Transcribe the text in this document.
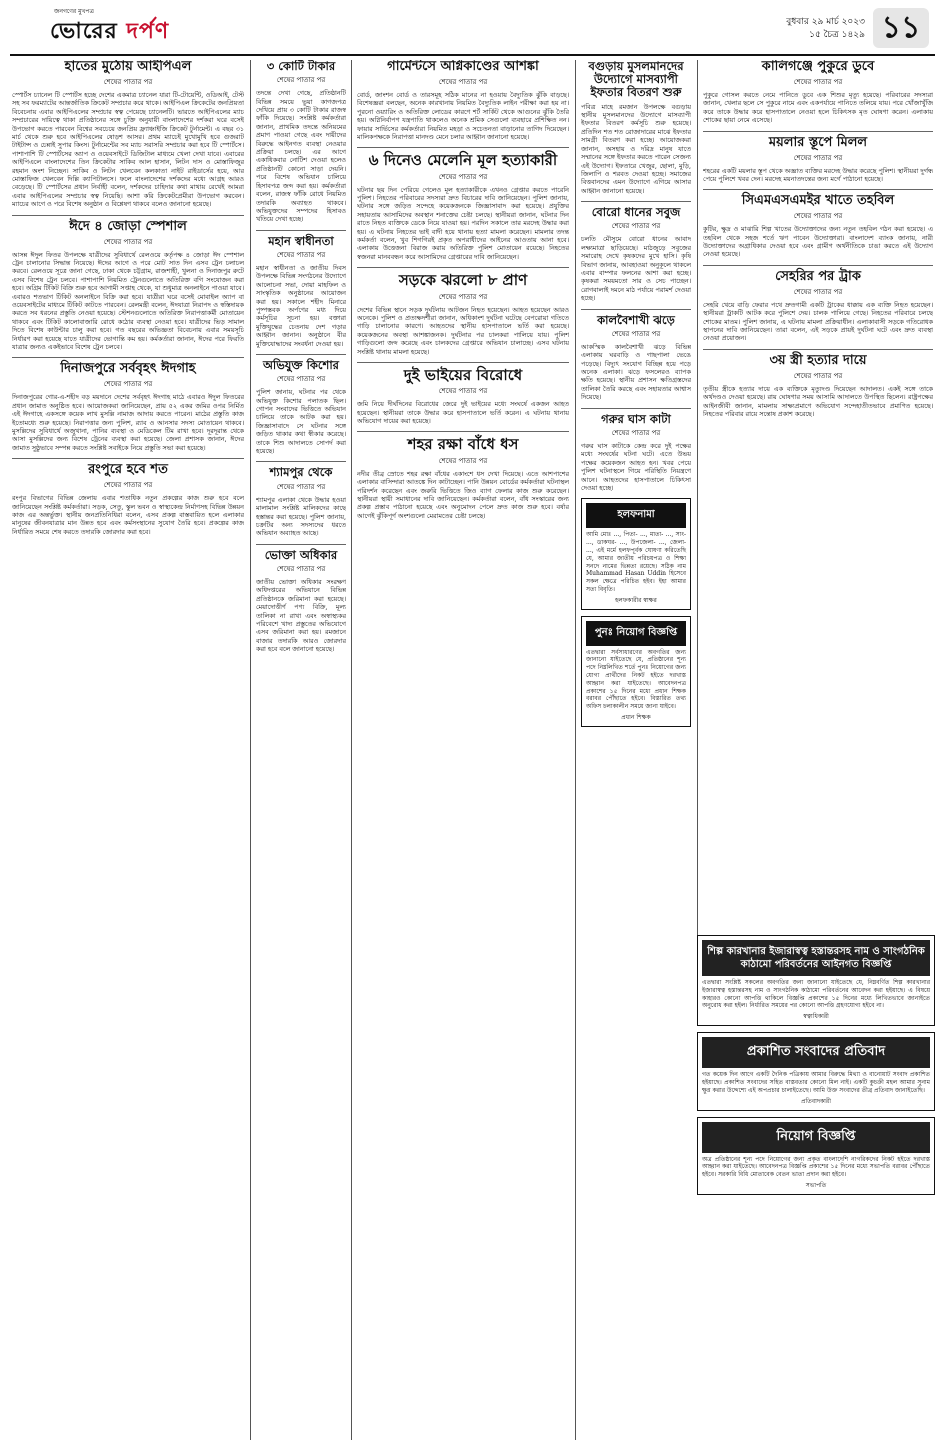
জনগণের মুখপত্র
ভোরের দর্পণ	বুধবার ২৯ মার্চ ২০২৩
১৫ চৈত্র ১৪২৯ ১১
হাতের মুঠোয় আইপিএল
শেষের পাতার পর
স্পোর্টস চ্যানেল টি স্পোর্টস হচ্ছে দেশের একমাত্র চ্যানেল যারা টি-টোয়েন্টি, ওডিআই, টেস্ট সহ সব ফরম্যাটের আন্তর্জাতিক ক্রিকেট সম্প্রচার করে থাকে। আইপিএল ক্রিকেটের জনপ্রিয়তা বিবেচনায় এবার আইপিএলের সম্প্রচার স্বত্ব পেয়েছে চ্যানেলটি। ভারতে আইপিএলের ম্যাচ সম্প্রচারের দায়িত্বে থাকা প্রতিষ্ঠানের সঙ্গে চুক্তি অনুযায়ী বাংলাদেশের দর্শকরা ঘরে বসেই উপভোগ করতে পারবেন বিশ্বের সবচেয়ে জনপ্রিয় ফ্র্যাঞ্চাইজি ক্রিকেট টুর্নামেন্ট। এ বছর ৩১ মার্চ থেকে শুরু হবে আইপিএলের ষোড়শ আসর। প্রথম ম্যাচেই মুখোমুখি হবে গুজরাট টাইটান্স ও চেন্নাই সুপার কিংস। টুর্নামেন্টের সব ম্যাচ সরাসরি সম্প্রচার করা হবে টি স্পোর্টসে। পাশাপাশি টি স্পোর্টসের অ্যাপ ও ওয়েবসাইটে ডিজিটাল মাধ্যমে খেলা দেখা যাবে। এবারের আইপিএলে বাংলাদেশের তিন ক্রিকেটার সাকিব আল হাসান, লিটন দাস ও মোস্তাফিজুর রহমান অংশ নিচ্ছেন। সাকিব ও লিটন খেলবেন কলকাতা নাইট রাইডার্সের হয়ে, আর মোস্তাফিজ খেলবেন দিল্লি ক্যাপিটালসে। ফলে বাংলাদেশের দর্শকদের মধ্যে আগ্রহ আরও বেড়েছে। টি স্পোর্টসের প্রধান নির্বাহী বলেন, দর্শকদের চাহিদার কথা মাথায় রেখেই আমরা এবার আইপিএলের সম্প্রচার স্বত্ব নিয়েছি। আশা করি ক্রিকেটপ্রেমীরা উপভোগ করবেন। ম্যাচের আগে ও পরে বিশেষ অনুষ্ঠান ও বিশ্লেষণ থাকবে বলেও জানানো হয়েছে।
ঈদে ৪ জোড়া স্পেশাল
শেষের পাতার পর
আসন্ন ঈদুল ফিতর উপলক্ষে যাত্রীদের সুবিধার্থে রেলওয়ে কর্তৃপক্ষ ৪ জোড়া ঈদ স্পেশাল ট্রেন চালানোর সিদ্ধান্ত নিয়েছে। ঈদের আগে ও পরে মোট সাত দিন এসব ট্রেন চলাচল করবে। রেলওয়ে সূত্রে জানা গেছে, ঢাকা থেকে চট্টগ্রাম, রাজশাহী, খুলনা ও দিনাজপুর রুটে এসব বিশেষ ট্রেন চলবে। পাশাপাশি নিয়মিত ট্রেনগুলোতে অতিরিক্ত বগি সংযোজন করা হবে। অগ্রিম টিকিট বিক্রি শুরু হবে আগামী সপ্তাহ থেকে, যা শুধুমাত্র অনলাইনে পাওয়া যাবে। এবারও শতভাগ টিকিট অনলাইনে বিক্রি করা হবে। যাত্রীরা ঘরে বসেই মোবাইল অ্যাপ বা ওয়েবসাইটের মাধ্যমে টিকিট কাটতে পারবেন। রেলমন্ত্রী বলেন, ঈদযাত্রা নিরাপদ ও স্বস্তিদায়ক করতে সব ধরনের প্রস্তুতি নেওয়া হয়েছে। স্টেশনগুলোতে অতিরিক্ত নিরাপত্তাকর্মী মোতায়েন থাকবে এবং টিকিট কালোবাজারি রোধে কঠোর ব্যবস্থা নেওয়া হবে। যাত্রীদের ভিড় সামাল দিতে বিশেষ কাউন্টার চালু করা হবে। গত বছরের অভিজ্ঞতা বিবেচনায় এবার সময়সূচি নির্ধারণ করা হয়েছে যাতে যাত্রীদের ভোগান্তি কম হয়। কর্মকর্তারা জানান, ঈদের পরে ফিরতি যাত্রার জন্যও একইভাবে বিশেষ ট্রেন চলবে।
দিনাজপুরে সর্ববৃহৎ ঈদগাহ
শেষের পাতার পর
দিনাজপুরের গোর-এ-শহীদ বড় ময়দানে দেশের সর্ববৃহৎ ঈদগাহ মাঠে এবারও ঈদুল ফিতরের প্রধান জামাত অনুষ্ঠিত হবে। আয়োজকরা জানিয়েছেন, প্রায় ৫২ একর জমির ওপর নির্মিত এই ঈদগাহে একসঙ্গে কয়েক লাখ মুসল্লি নামাজ আদায় করতে পারেন। মাঠের প্রস্তুতি কাজ ইতোমধ্যে শুরু হয়েছে। নিরাপত্তার জন্য পুলিশ, র‌্যাব ও আনসার সদস্য মোতায়েন থাকবে। মুসল্লিদের সুবিধার্থে অজুখানা, পানির ব্যবস্থা ও মেডিকেল টিম রাখা হবে। দূরদূরান্ত থেকে আসা মুসল্লিদের জন্য বিশেষ ট্রেনের ব্যবস্থা করা হয়েছে। জেলা প্রশাসক জানান, ঈদের জামাত সুষ্ঠুভাবে সম্পন্ন করতে সংশ্লিষ্ট সবাইকে নিয়ে প্রস্তুতি সভা করা হয়েছে।
রংপুরে হবে শত
শেষের পাতার পর
রংপুর বিভাগের বিভিন্ন জেলায় এবার শতাধিক নতুন প্রকল্পের কাজ শুরু হবে বলে জানিয়েছেন সংশ্লিষ্ট কর্মকর্তারা। সড়ক, সেতু, স্কুল ভবন ও স্বাস্থ্যকেন্দ্র নির্মাণসহ বিভিন্ন উন্নয়ন কাজ এর অন্তর্ভুক্ত। স্থানীয় জনপ্রতিনিধিরা বলেন, এসব প্রকল্প বাস্তবায়িত হলে এলাকার মানুষের জীবনযাত্রার মান উন্নত হবে এবং কর্মসংস্থানের সুযোগ তৈরি হবে। প্রকল্পের কাজ নির্ধারিত সময়ে শেষ করতে তদারকি জোরদার করা হবে।
৩ কোটি টাকার
শেষের পাতার পর
তদন্তে দেখা গেছে, প্রতিষ্ঠানটি বিভিন্ন সময়ে ভুয়া কাগজপত্র দেখিয়ে প্রায় ৩ কোটি টাকার রাজস্ব ফাঁকি দিয়েছে। সংশ্লিষ্ট কর্মকর্তারা জানান, প্রাথমিক তদন্তে অনিয়মের প্রমাণ পাওয়া গেছে এবং দায়ীদের বিরুদ্ধে আইনগত ব্যবস্থা নেওয়ার প্রক্রিয়া চলছে। এর আগে একাধিকবার নোটিশ দেওয়া হলেও প্রতিষ্ঠানটি কোনো সাড়া দেয়নি। পরে বিশেষ অভিযান চালিয়ে হিসাবপত্র জব্দ করা হয়। কর্মকর্তারা বলেন, রাজস্ব ফাঁকি রোধে নিয়মিত তদারকি অব্যাহত থাকবে। অভিযুক্তদের সম্পদের হিসাবও খতিয়ে দেখা হচ্ছে।
মহান স্বাধীনতা
শেষের পাতার পর
মহান স্বাধীনতা ও জাতীয় দিবস উপলক্ষে বিভিন্ন সংগঠনের উদ্যোগে আলোচনা সভা, দোয়া মাহফিল ও সাংস্কৃতিক অনুষ্ঠানের আয়োজন করা হয়। সকালে শহীদ মিনারে পুষ্পস্তবক অর্পণের মধ্য দিয়ে কর্মসূচির সূচনা হয়। বক্তারা মুক্তিযুদ্ধের চেতনায় দেশ গড়ার আহ্বান জানান। অনুষ্ঠানে বীর মুক্তিযোদ্ধাদের সংবর্ধনা দেওয়া হয়।
অভিযুক্ত কিশোর
শেষের পাতার পর
পুলিশ জানায়, ঘটনার পর থেকে অভিযুক্ত কিশোর পলাতক ছিল। গোপন সংবাদের ভিত্তিতে অভিযান চালিয়ে তাকে আটক করা হয়। জিজ্ঞাসাবাদে সে ঘটনার সঙ্গে জড়িত থাকার কথা স্বীকার করেছে। তাকে শিশু আদালতে সোপর্দ করা হয়েছে।
শ্যামপুর থেকে
শেষের পাতার পর
শ্যামপুর এলাকা থেকে উদ্ধার হওয়া মালামাল সংশ্লিষ্ট মালিকদের কাছে হস্তান্তর করা হয়েছে। পুলিশ জানায়, চক্রটির অন্য সদস্যদের ধরতে অভিযান অব্যাহত আছে।
ভোক্তা অধিকার
শেষের পাতার পর
জাতীয় ভোক্তা অধিকার সংরক্ষণ অধিদপ্তরের অভিযানে বিভিন্ন প্রতিষ্ঠানকে জরিমানা করা হয়েছে। মেয়াদোত্তীর্ণ পণ্য বিক্রি, মূল্য তালিকা না রাখা এবং অস্বাস্থ্যকর পরিবেশে খাদ্য প্রস্তুতের অভিযোগে এসব জরিমানা করা হয়। রমজানে বাজার তদারকি আরও জোরদার করা হবে বলে জানানো হয়েছে।
গার্মেন্টসে অগ্নিকাণ্ডের আশঙ্কা
শেষের পাতার পর
বোর্ড, জাংশন বোর্ড ও তারসমূহ সঠিক মানের না হওয়ায় বৈদ্যুতিক ঝুঁকি বাড়ছে। বিশেষজ্ঞরা বলছেন, অনেক কারখানায় নিয়মিত বৈদ্যুতিক লাইন পরীক্ষা করা হয় না। পুরনো ওয়্যারিং ও অতিরিক্ত লোডের কারণে শর্ট সার্কিট থেকে আগুনের ঝুঁকি তৈরি হয়। অগ্নিনির্বাপণ যন্ত্রপাতি থাকলেও অনেক শ্রমিক সেগুলো ব্যবহারে প্রশিক্ষিত নন। ফায়ার সার্ভিসের কর্মকর্তারা নিয়মিত মহড়া ও সচেতনতা বাড়ানোর তাগিদ দিয়েছেন। মালিকপক্ষকে নিরাপত্তা মানদণ্ড মেনে চলার আহ্বান জানানো হয়েছে।
৬ দিনেও মেলেনি মূল হত্যাকারী
শেষের পাতার পর
ঘটনার ছয় দিন পেরিয়ে গেলেও মূল হত্যাকারীকে এখনও গ্রেপ্তার করতে পারেনি পুলিশ। নিহতের পরিবারের সদস্যরা দ্রুত বিচারের দাবি জানিয়েছেন। পুলিশ জানায়, ঘটনার সঙ্গে জড়িত সন্দেহে কয়েকজনকে জিজ্ঞাসাবাদ করা হয়েছে। প্রযুক্তির সহায়তায় আসামিদের অবস্থান শনাক্তের চেষ্টা চলছে। স্থানীয়রা জানান, ঘটনার দিন রাতে নিহত ব্যক্তিকে ডেকে নিয়ে যাওয়া হয়। পরদিন সকালে তার মরদেহ উদ্ধার করা হয়। এ ঘটনায় নিহতের ভাই বাদী হয়ে থানায় হত্যা মামলা করেছেন। মামলার তদন্ত কর্মকর্তা বলেন, খুব শিগগিরই প্রকৃত অপরাধীদের আইনের আওতায় আনা হবে। এলাকায় উত্তেজনা বিরাজ করায় অতিরিক্ত পুলিশ মোতায়েন রয়েছে। নিহতের স্বজনরা মানববন্ধন করে আসামিদের গ্রেপ্তারের দাবি জানিয়েছেন।
সড়কে ঝরলো ৮ প্রাণ
শেষের পাতার পর
দেশের বিভিন্ন স্থানে সড়ক দুর্ঘটনায় আটজন নিহত হয়েছেন। আহত হয়েছেন আরও অনেকে। পুলিশ ও প্রত্যক্ষদর্শীরা জানান, অধিকাংশ দুর্ঘটনা ঘটেছে বেপরোয়া গতিতে গাড়ি চালানোর কারণে। আহতদের স্থানীয় হাসপাতালে ভর্তি করা হয়েছে। কয়েকজনের অবস্থা আশঙ্কাজনক। দুর্ঘটনার পর চালকরা পালিয়ে যায়। পুলিশ গাড়িগুলো জব্দ করেছে এবং চালকদের গ্রেপ্তারে অভিযান চালাচ্ছে। এসব ঘটনায় সংশ্লিষ্ট থানায় মামলা হয়েছে।
দুই ভাইয়ের বিরোধে
শেষের পাতার পর
জমি নিয়ে দীর্ঘদিনের বিরোধের জেরে দুই ভাইয়ের মধ্যে সংঘর্ষে একজন আহত হয়েছেন। স্থানীয়রা তাকে উদ্ধার করে হাসপাতালে ভর্তি করেন। এ ঘটনায় থানায় অভিযোগ দায়ের করা হয়েছে।
শহর রক্ষা বাঁধে ধস
শেষের পাতার পর
নদীর তীব্র স্রোতে শহর রক্ষা বাঁধের একাংশে ধস দেখা দিয়েছে। এতে আশপাশের এলাকার বাসিন্দারা আতঙ্কে দিন কাটাচ্ছেন। পানি উন্নয়ন বোর্ডের কর্মকর্তারা ঘটনাস্থল পরিদর্শন করেছেন এবং জরুরি ভিত্তিতে জিও ব্যাগ ফেলার কাজ শুরু করেছেন। স্থানীয়রা স্থায়ী সমাধানের দাবি জানিয়েছেন। কর্মকর্তারা বলেন, বাঁধ সংস্কারের জন্য প্রকল্প প্রস্তাব পাঠানো হয়েছে এবং অনুমোদন পেলে দ্রুত কাজ শুরু হবে। বর্ষার আগেই ঝুঁকিপূর্ণ অংশগুলো মেরামতের চেষ্টা চলছে।
বগুড়ায় মুসলমানদের উদ্যোগে মাসব্যাপী ইফতার বিতরণ শুরু
পবিত্র মাহে রমজান উপলক্ষে বগুড়ায় স্থানীয় মুসলমানদের উদ্যোগে মাসব্যাপী ইফতার বিতরণ কর্মসূচি শুরু হয়েছে। প্রতিদিন শত শত রোজাদারের মাঝে ইফতার সামগ্রী বিতরণ করা হচ্ছে। আয়োজকরা জানান, অসহায় ও দরিদ্র মানুষ যাতে সম্মানের সঙ্গে ইফতার করতে পারেন সেজন্য এই উদ্যোগ। ইফতারে খেজুর, ছোলা, মুড়ি, জিলাপি ও শরবত দেওয়া হচ্ছে। সমাজের বিত্তবানদের এমন উদ্যোগে এগিয়ে আসার আহ্বান জানানো হয়েছে।
বোরো ধানের সবুজ
শেষের পাতার পর
চলতি মৌসুমে বোরো ধানের আবাদ লক্ষ্যমাত্রা ছাড়িয়েছে। মাঠজুড়ে সবুজের সমারোহ দেখে কৃষকদের মুখে হাসি। কৃষি বিভাগ জানায়, আবহাওয়া অনুকূলে থাকলে এবার বাম্পার ফলনের আশা করা হচ্ছে। কৃষকরা সময়মতো সার ও সেচ পাচ্ছেন। রোগবালাই দমনে মাঠ পর্যায়ে পরামর্শ দেওয়া হচ্ছে।
কালবৈশাখী ঝড়ে
শেষের পাতার পর
আকস্মিক কালবৈশাখী ঝড়ে বিভিন্ন এলাকায় ঘরবাড়ি ও গাছপালা ভেঙে পড়েছে। বিদ্যুৎ সংযোগ বিচ্ছিন্ন হয়ে পড়ে অনেক এলাকা। ঝড়ে ফসলেরও ব্যাপক ক্ষতি হয়েছে। স্থানীয় প্রশাসন ক্ষতিগ্রস্তদের তালিকা তৈরি করছে এবং সহায়তার আশ্বাস দিয়েছে।
গরুর ঘাস কাটা
শেষের পাতার পর
গরুর ঘাস কাটাকে কেন্দ্র করে দুই পক্ষের মধ্যে সংঘর্ষের ঘটনা ঘটে। এতে উভয় পক্ষের কয়েকজন আহত হন। খবর পেয়ে পুলিশ ঘটনাস্থলে গিয়ে পরিস্থিতি নিয়ন্ত্রণে আনে। আহতদের হাসপাতালে চিকিৎসা দেওয়া হচ্ছে।
হলফনামা
আমি মোঃ ..., পিতা- ..., মাতা- ..., সাং- ..., ডাকঘর- ..., উপজেলা- ..., জেলা- ..., এই মর্মে হলফপূর্বক ঘোষণা করিতেছি যে, আমার জাতীয় পরিচয়পত্র ও শিক্ষা সনদে নামের ভিন্নতা রয়েছে। সঠিক নাম Muhammad Hasan Uddin হিসেবে সকল ক্ষেত্রে পরিচিত হইব। ইহা আমার সত্য বিবৃতি।
হলফকারীর স্বাক্ষর
পুনঃ নিয়োগ বিজ্ঞপ্তি
এতদ্বারা সর্বসাধারণের অবগতির জন্য জানানো যাইতেছে যে, প্রতিষ্ঠানের শূন্য পদে নিম্নলিখিত শর্তে পুনঃ নিয়োগের জন্য যোগ্য প্রার্থীদের নিকট হইতে দরখাস্ত আহ্বান করা যাইতেছে। আবেদনপত্র প্রকাশের ১৫ দিনের মধ্যে প্রধান শিক্ষক বরাবর পৌঁছাতে হইবে। বিস্তারিত তথ্য অফিস চলাকালীন সময়ে জানা যাইবে।
প্রধান শিক্ষক
কালিগঞ্জে পুকুরে ডুবে
শেষের পাতার পর
পুকুরে গোসল করতে নেমে পানিতে ডুবে এক শিশুর মৃত্যু হয়েছে। পরিবারের সদস্যরা জানান, খেলার ছলে সে পুকুরে নামে এবং একপর্যায়ে পানিতে তলিয়ে যায়। পরে খোঁজাখুঁজি করে তাকে উদ্ধার করে হাসপাতালে নেওয়া হলে চিকিৎসক মৃত ঘোষণা করেন। এলাকায় শোকের ছায়া নেমে এসেছে।
ময়লার স্তূপে মিলল
শেষের পাতার পর
শহরের একটি ময়লার স্তূপ থেকে অজ্ঞাত ব্যক্তির মরদেহ উদ্ধার করেছে পুলিশ। স্থানীয়রা দুর্গন্ধ পেয়ে পুলিশে খবর দেন। মরদেহ ময়নাতদন্তের জন্য মর্গে পাঠানো হয়েছে।
সিএমএসএমইর খাতে তহবিল
শেষের পাতার পর
কুটির, ক্ষুদ্র ও মাঝারি শিল্প খাতের উদ্যোক্তাদের জন্য নতুন তহবিল গঠন করা হয়েছে। এ তহবিল থেকে সহজ শর্তে ঋণ পাবেন উদ্যোক্তারা। বাংলাদেশ ব্যাংক জানায়, নারী উদ্যোক্তাদের অগ্রাধিকার দেওয়া হবে এবং গ্রামীণ অর্থনীতিকে চাঙা করতে এই উদ্যোগ নেওয়া হয়েছে।
সেহরির পর ট্রাক
শেষের পাতার পর
সেহরি খেয়ে বাড়ি ফেরার পথে দ্রুতগামী একটি ট্রাকের ধাক্কায় এক ব্যক্তি নিহত হয়েছেন। স্থানীয়রা ট্রাকটি আটক করে পুলিশে দেয়। চালক পালিয়ে গেছে। নিহতের পরিবারে চলছে শোকের মাতম। পুলিশ জানায়, এ ঘটনায় মামলা প্রক্রিয়াধীন। এলাকাবাসী সড়কে গতিরোধক স্থাপনের দাবি জানিয়েছেন। তারা বলেন, এই সড়কে প্রায়ই দুর্ঘটনা ঘটে এবং দ্রুত ব্যবস্থা নেওয়া প্রয়োজন।
৩য় স্ত্রী হত্যার দায়ে
শেষের পাতার পর
তৃতীয় স্ত্রীকে হত্যার দায়ে এক ব্যক্তিকে মৃত্যুদণ্ড দিয়েছেন আদালত। একই সঙ্গে তাকে অর্থদণ্ডও দেওয়া হয়েছে। রায় ঘোষণার সময় আসামি আদালতে উপস্থিত ছিলেন। রাষ্ট্রপক্ষের আইনজীবী জানান, মামলায় সাক্ষ্যপ্রমাণে অভিযোগ সন্দেহাতীতভাবে প্রমাণিত হয়েছে। নিহতের পরিবার রায়ে সন্তোষ প্রকাশ করেছে।
শিল্প কারখানার ইজারাস্বত্ব হস্তান্তরসহ নাম ও সাংগঠনিক কাঠামো পরিবর্তনের আইনগত বিজ্ঞপ্তি
এতদ্বারা সংশ্লিষ্ট সকলের অবগতির জন্য জানানো যাইতেছে যে, নিম্নবর্ণিত শিল্প কারখানার ইজারাস্বত্ব হস্তান্তরসহ নাম ও সাংগঠনিক কাঠামো পরিবর্তনের আবেদন করা হইয়াছে। এ বিষয়ে কাহারও কোনো আপত্তি থাকিলে বিজ্ঞপ্তি প্রকাশের ১৫ দিনের মধ্যে লিখিতভাবে জানাইতে অনুরোধ করা হইল। নির্ধারিত সময়ের পর কোনো আপত্তি গ্রহণযোগ্য হইবে না।
স্বত্বাধিকারী
প্রকাশিত সংবাদের প্রতিবাদ
গত কয়েক দিন আগে একটি দৈনিক পত্রিকায় আমার বিরুদ্ধে মিথ্যা ও বানোয়াট সংবাদ প্রকাশিত হইয়াছে। প্রকাশিত সংবাদের সহিত বাস্তবতার কোনো মিল নাই। একটি কুচক্রী মহল আমার সুনাম ক্ষুণ্ণ করার উদ্দেশ্যে এই অপপ্রচার চালাইতেছে। আমি উক্ত সংবাদের তীব্র প্রতিবাদ জানাইতেছি।
প্রতিবাদকারী
নিয়োগ বিজ্ঞপ্তি
অত্র প্রতিষ্ঠানের শূন্য পদে নিয়োগের জন্য প্রকৃত বাংলাদেশি নাগরিকদের নিকট হইতে দরখাস্ত আহ্বান করা যাইতেছে। আবেদনপত্র বিজ্ঞপ্তি প্রকাশের ১৫ দিনের মধ্যে সভাপতি বরাবর পৌঁছাতে হইবে। সরকারি বিধি মোতাবেক বেতন ভাতা প্রদান করা হইবে।
সভাপতি
